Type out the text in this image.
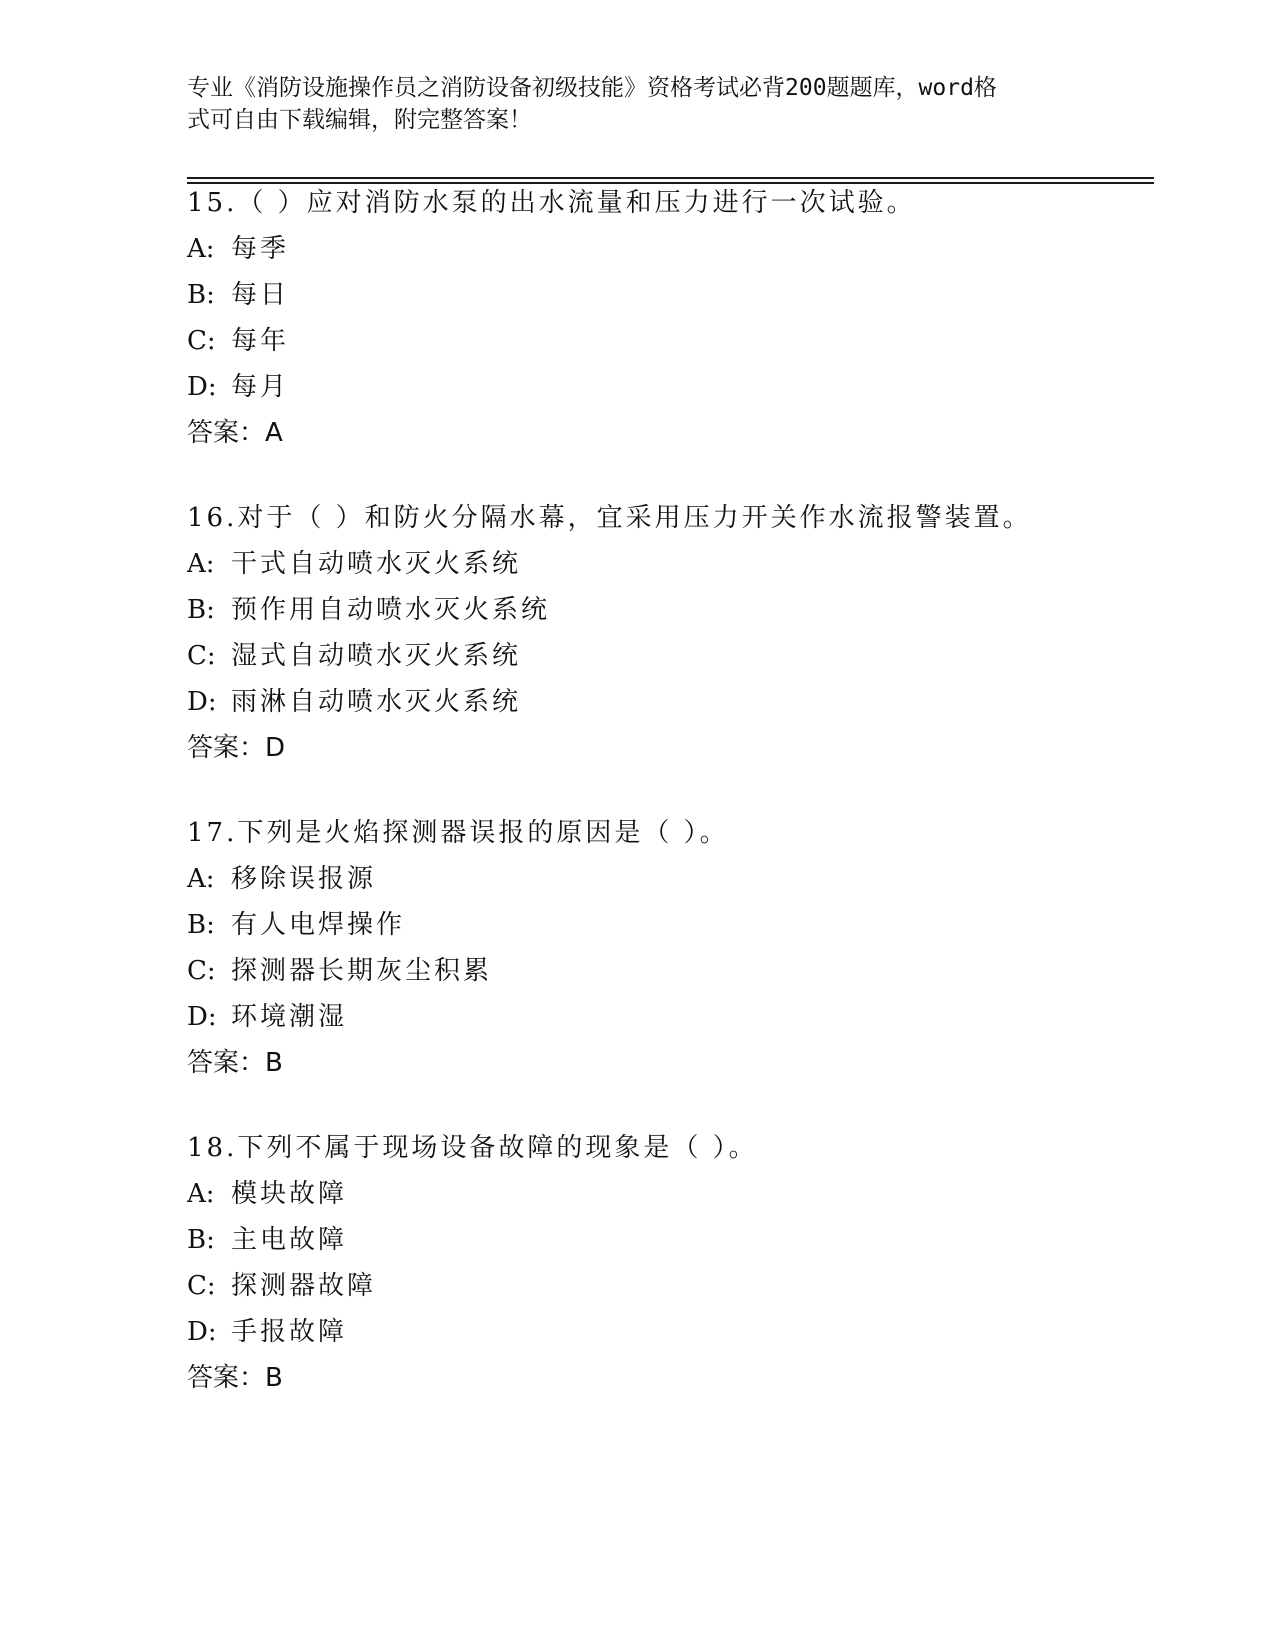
专业《消防设施操作员之消防设备初级技能》资格考试必背200题题库，word格
式可自由下载编辑，附完整答案！
15.（ ）应对消防水泵的出水流量和压力进行一次试验。
A: 每季
B: 每日
C: 每年
D: 每月
答案：A
16.对于（ ）和防火分隔水幕，宜采用压力开关作水流报警装置。
A: 干式自动喷水灭火系统
B: 预作用自动喷水灭火系统
C: 湿式自动喷水灭火系统
D: 雨淋自动喷水灭火系统
答案：D
17.下列是火焰探测器误报的原因是（ ）。
A: 移除误报源
B: 有人电焊操作
C: 探测器长期灰尘积累
D: 环境潮湿
答案：B
18.下列不属于现场设备故障的现象是（ ）。
A: 模块故障
B: 主电故障
C: 探测器故障
D: 手报故障
答案：B
